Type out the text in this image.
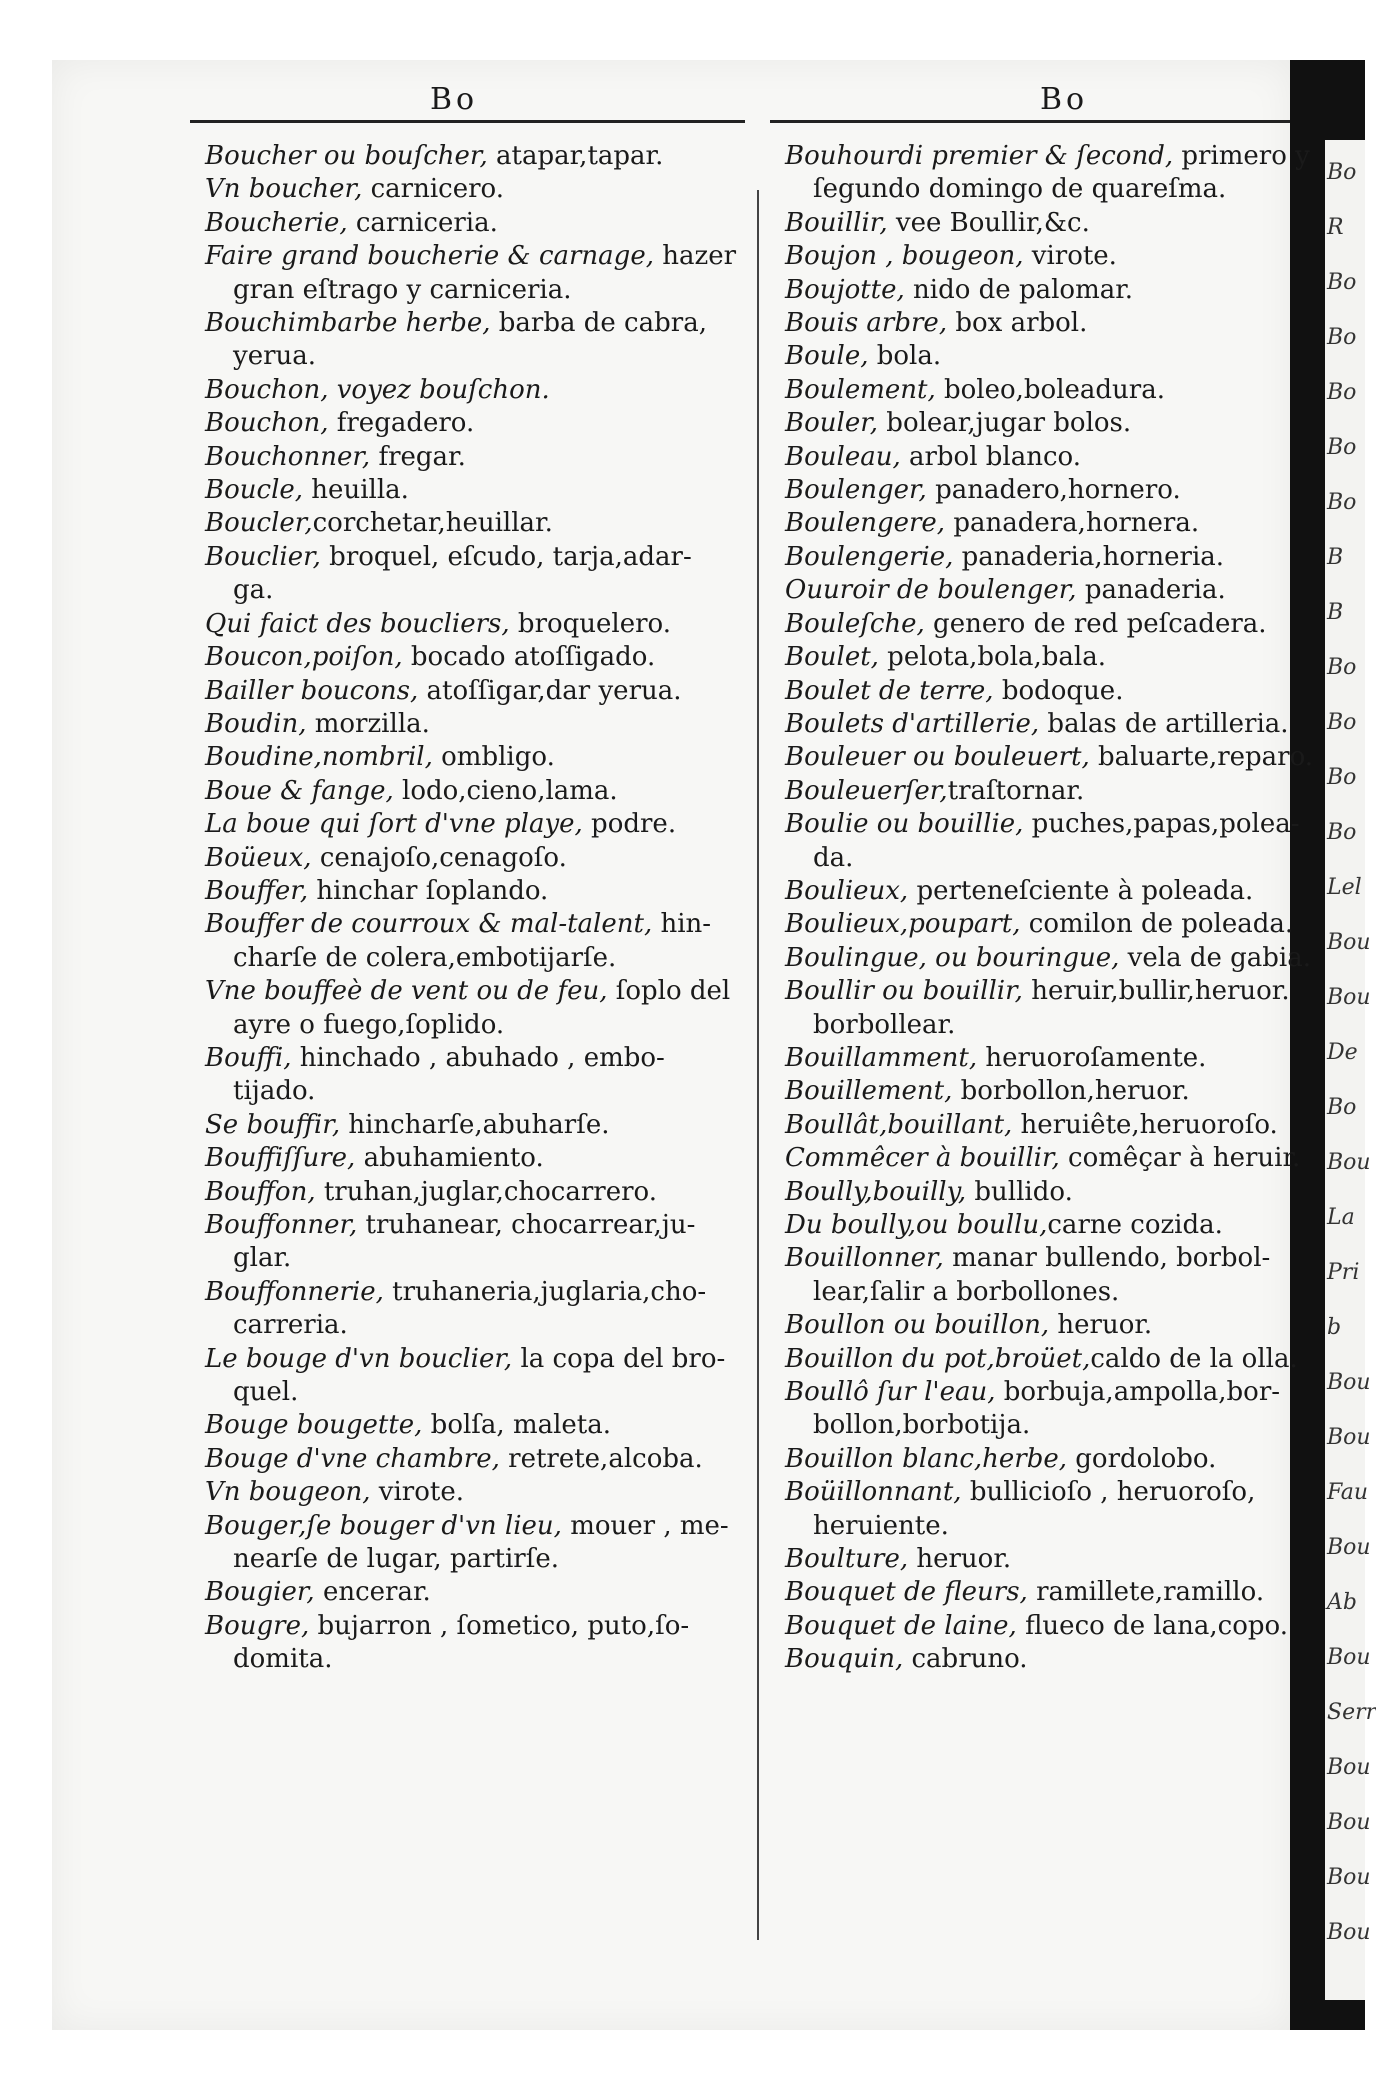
Bo
R
Bo
Bo
Bo
Bo
Bo
B
B
Bo
Bo
Bo
Bo
Lel
Bou
Bou
De
Bo
Bou
La
Pri
b
Bou
Bou
Fau
Bou
Ab
Bou
Serr
Bou
Bou
Bou
Bou
Bo	Bo
Boucher ou bouſcher, atapar,tapar.
Vn boucher, carnicero.
Boucherie, carniceria.
Faire grand boucherie & carnage, hazer
gran eſtrago y carniceria.
Bouchimbarbe herbe, barba de cabra,
yerua.
Bouchon, voyez bouſchon.
Bouchon, fregadero.
Bouchonner, fregar.
Boucle, heuilla.
Boucler,corchetar,heuillar.
Bouclier, broquel, eſcudo, tarja,adar-
ga.
Qui faict des boucliers, broquelero.
Boucon,poiſon, bocado atoſſigado.
Bailler boucons, atoſſigar,dar yerua.
Boudin, morzilla.
Boudine,nombril, ombligo.
Boue & fange, lodo,cieno,lama.
La boue qui ſort d'vne playe, podre.
Boüeux, cenajoſo,cenagoſo.
Bouffer, hinchar ſoplando.
Bouffer de courroux & mal-talent, hin-
charſe de colera,embotijarſe.
Vne bouffeè de vent ou de feu, ſoplo del
ayre o fuego,ſoplido.
Bouffi, hinchado , abuhado , embo-
tijado.
Se bouffir, hincharſe,abuharſe.
Bouffiſſure, abuhamiento.
Bouffon, truhan,juglar,chocarrero.
Bouffonner, truhanear, chocarrear,ju-
glar.
Bouffonnerie, truhaneria,juglaria,cho-
carreria.
Le bouge d'vn bouclier, la copa del bro-
quel.
Bouge bougette, bolſa, maleta.
Bouge d'vne chambre, retrete,alcoba.
Vn bougeon, virote.
Bouger,ſe bouger d'vn lieu, mouer , me-
nearſe de lugar, partirſe.
Bougier, encerar.
Bougre, bujarron , ſometico, puto,ſo-
domita.
Bouhourdi premier & ſecond, primero y
ſegundo domingo de quareſma.
Bouillir, vee Boullir,&c.
Boujon , bougeon, virote.
Boujotte, nido de palomar.
Bouis arbre, box arbol.
Boule, bola.
Boulement, boleo,boleadura.
Bouler, bolear,jugar bolos.
Bouleau, arbol blanco.
Boulenger, panadero,hornero.
Boulengere, panadera,hornera.
Boulengerie, panaderia,horneria.
Ouuroir de boulenger, panaderia.
Bouleſche, genero de red peſcadera.
Boulet, pelota,bola,bala.
Boulet de terre, bodoque.
Boulets d'artillerie, balas de artilleria.
Bouleuer ou bouleuert, baluarte,reparo.
Bouleuerſer,traſtornar.
Boulie ou bouillie, puches,papas,polea-
da.
Boulieux, perteneſciente à poleada.
Boulieux,poupart, comilon de poleada.
Boulingue, ou bouringue, vela de gabia.
Boullir ou bouillir, heruir,bullir,heruor.
borbollear.
Bouillamment, heruoroſamente.
Bouillement, borbollon,heruor.
Boullât,bouillant, heruiête,heruoroſo.
Commêcer à bouillir, comêçar à heruir.
Boully,bouilly, bullido.
Du boully,ou boullu,carne cozida.
Bouillonner, manar bullendo, borbol-
lear,ſalir a borbollones.
Boullon ou bouillon, heruor.
Bouillon du pot,broüet,caldo de la olla.
Boullô ſur l'eau, borbuja,ampolla,bor-
bollon,borbotija.
Bouillon blanc,herbe, gordolobo.
Boüillonnant, bullicioſo , heruoroſo,
heruiente.
Boulture, heruor.
Bouquet de fleurs, ramillete,ramillo.
Bouquet de laine, flueco de lana,copo.
Bouquin, cabruno.
